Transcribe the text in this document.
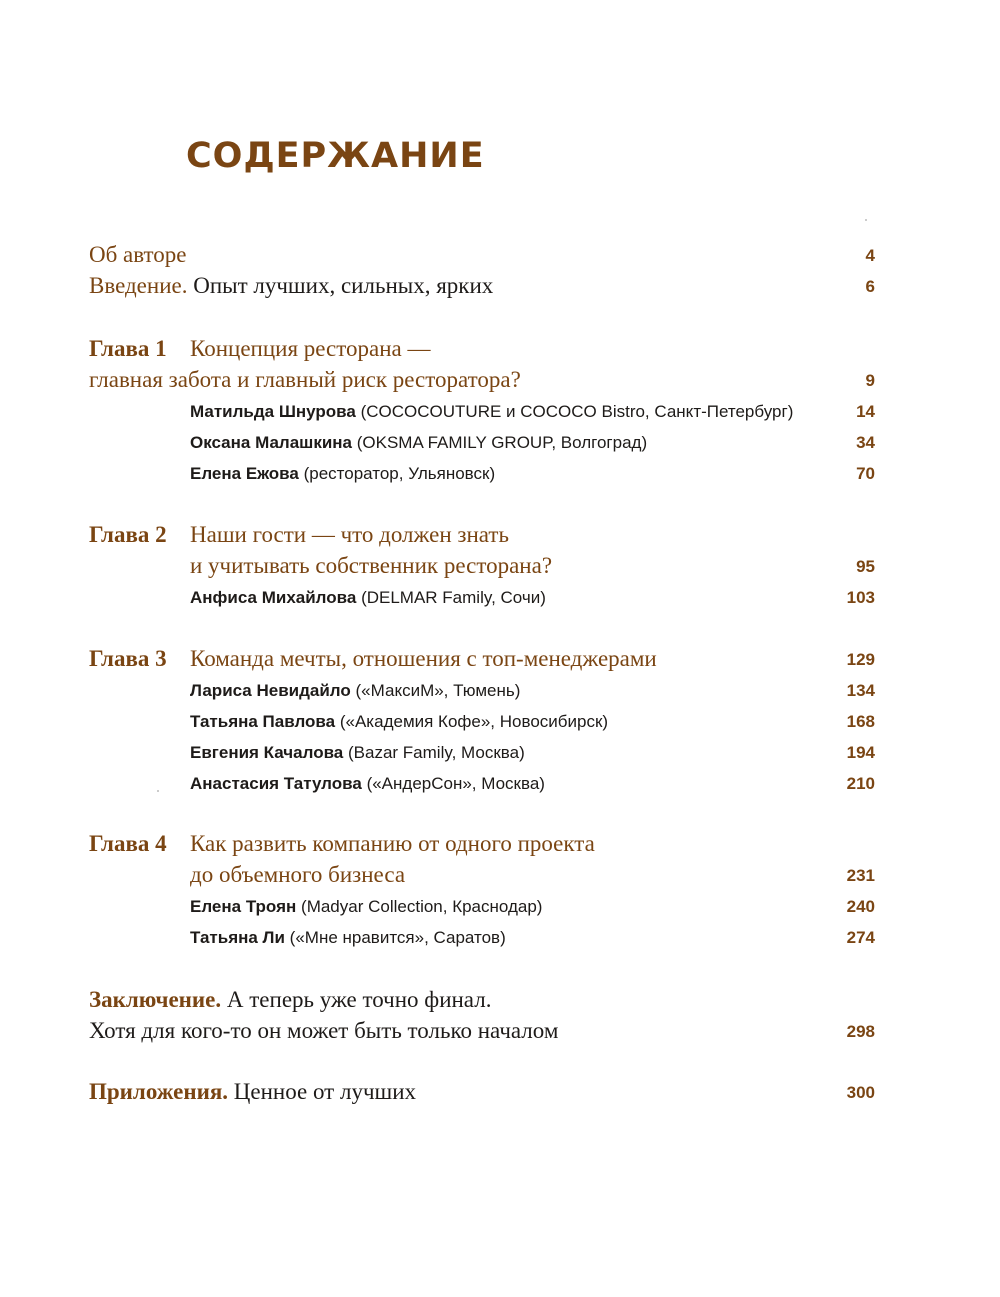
СОДЕРЖАНИЕ
Об авторе	4
Введение. Опыт лучших, сильных, ярких	6
Глава 1 Концепция ресторана —
главная забота и главный риск ресторатора?	9
Матильда Шнурова (COCOCOUTURE и COCOCO Bistro, Санкт-Петербург)	14
Оксана Малашкина (OKSMA FAMILY GROUP, Волгоград)	34
Елена Ежова (ресторатор, Ульяновск)	70
Глава 2 Наши гости — что должен знать
и учитывать собственник ресторана?	95
Анфиса Михайлова (DELMAR Family, Сочи)	103
Глава 3 Команда мечты, отношения с топ-менеджерами	129
Лариса Невидайло («МаксиМ», Тюмень)	134
Татьяна Павлова («Академия Кофе», Новосибирск)	168
Евгения Качалова (Bazar Family, Москва)	194
Анастасия Татулова («АндерСон», Москва)	210
Глава 4 Как развить компанию от одного проекта
до объемного бизнеса	231
Елена Троян (Madyar Collection, Краснодар)	240
Татьяна Ли («Мне нравится», Саратов)	274
Заключение. А теперь уже точно финал.
Хотя для кого-то он может быть только началом	298
Приложения. Ценное от лучших	300
